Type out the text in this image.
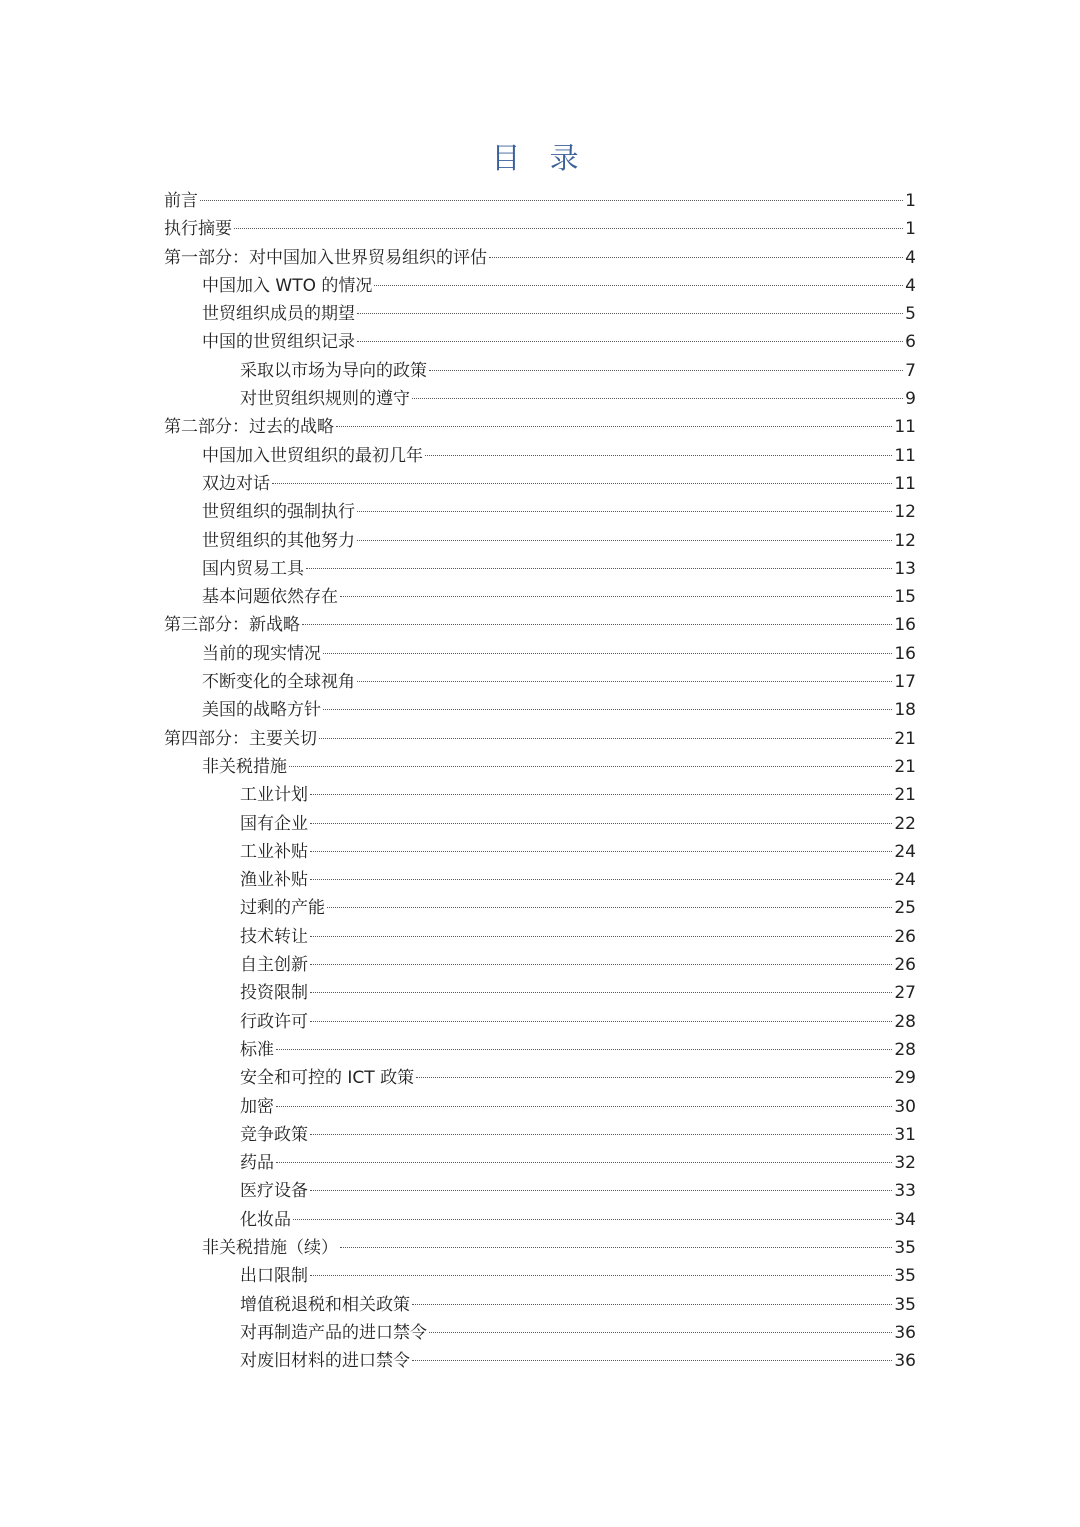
目 录
前言	1
执行摘要	1
第一部分：对中国加入世界贸易组织的评估	4
中国加入 WTO 的情况	4
世贸组织成员的期望	5
中国的世贸组织记录	6
采取以市场为导向的政策	7
对世贸组织规则的遵守	9
第二部分：过去的战略	11
中国加入世贸组织的最初几年	11
双边对话	11
世贸组织的强制执行	12
世贸组织的其他努力	12
国内贸易工具	13
基本问题依然存在	15
第三部分：新战略	16
当前的现实情况	16
不断变化的全球视角	17
美国的战略方针	18
第四部分：主要关切	21
非关税措施	21
工业计划	21
国有企业	22
工业补贴	24
渔业补贴	24
过剩的产能	25
技术转让	26
自主创新	26
投资限制	27
行政许可	28
标准	28
安全和可控的 ICT 政策	29
加密	30
竞争政策	31
药品	32
医疗设备	33
化妆品	34
非关税措施（续）	35
出口限制	35
增值税退税和相关政策	35
对再制造产品的进口禁令	36
对废旧材料的进口禁令	36
